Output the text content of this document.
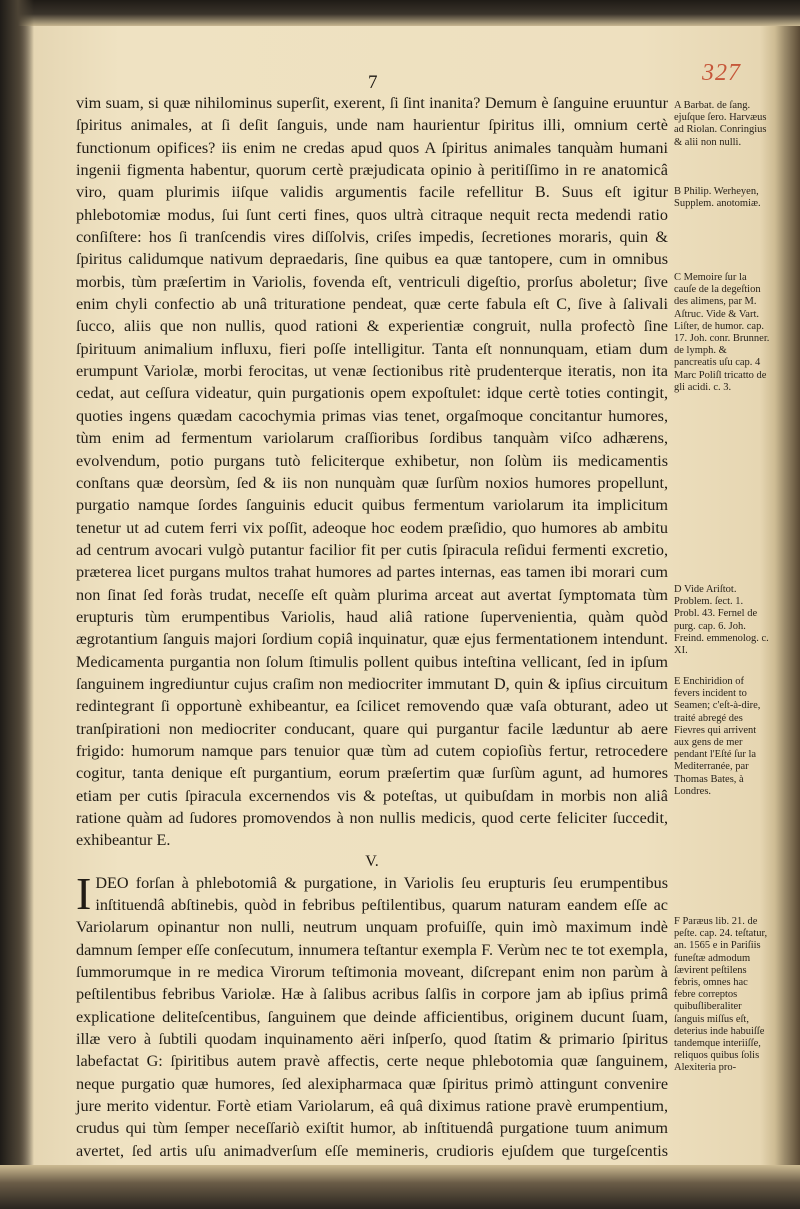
7	327

vim suam, si quæ nihilominus superſit, exerent, ſi ſint inanita? Demum è ſanguine eruuntur ſpiritus animales, at ſi deſit ſanguis, unde nam haurientur ſpiritus illi, omnium certè functionum opifices? iis enim ne credas apud quos A ſpiritus animales tanquàm humani ingenii figmenta habentur, quorum certè præjudicata opinio à peritiſſimo in re anatomicâ viro, quam plurimis iiſque validis argumentis facile refellitur B. Suus eſt igitur phlebotomiæ modus, ſui ſunt certi fines, quos ultrà citraque nequit recta medendi ratio conſiſtere: hos ſi tranſcendis vires diſſolvis, criſes impedis, ſecretiones moraris, quin & ſpiritus calidumque nativum depraedaris, ſine quibus ea quæ tantopere, cum in omnibus morbis, tùm præſertim in Variolis, fovenda eſt, ventriculi digeſtio, prorſus aboletur; ſive enim chyli confectio ab unâ trituratione pendeat, quæ certe fabula eſt C, ſive à ſalivali ſucco, aliis que non nullis, quod rationi & experientiæ congruit, nulla profectò ſine ſpirituum animalium influxu, fieri poſſe intelligitur. Tanta eſt nonnunquam, etiam dum erumpunt Variolæ, morbi ferocitas, ut venæ ſectionibus ritè prudenterque iteratis, non ita cedat, aut ceſſura videatur, quin purgationis opem expoſtulet: idque certè toties contingit, quoties ingens quædam cacochymia primas vias tenet, orgaſmoque concitantur humores, tùm enim ad fermentum variolarum craſſioribus ſordibus tanquàm viſco adhærens, evolvendum, potio purgans tutò feliciterque exhibetur, non ſolùm iis medicamentis conſtans quæ deorsùm, ſed & iis non nunquàm quæ ſurſùm noxios humores propellunt, purgatio namque ſordes ſanguinis educit quibus fermentum variolarum ita implicitum tenetur ut ad cutem ferri vix poſſit, adeoque hoc eodem præſidio, quo humores ab ambitu ad centrum avocari vulgò putantur facilior fit per cutis ſpiracula reſidui fermenti excretio, præterea licet purgans multos trahat humores ad partes internas, eas tamen ibi morari cum non ſinat ſed foràs trudat, neceſſe eſt quàm plurima arceat aut avertat ſymptomata tùm erupturis tùm erumpentibus Variolis, haud aliâ ratione ſupervenientia, quàm quòd ægrotantium ſanguis majori ſordium copiâ inquinatur, quæ ejus fermentationem intendunt. Medicamenta purgantia non ſolum ſtimulis pollent quibus inteſtina vellicant, ſed in ipſum ſanguinem ingrediuntur cujus craſim non mediocriter immutant D, quin & ipſius circuitum redintegrant ſi opportunè exhibeantur, ea ſcilicet removendo quæ vaſa obturant, adeo ut tranſpirationi non mediocriter conducant, quare qui purgantur facile læduntur ab aere frigido: humorum namque pars tenuior quæ tùm ad cutem copioſiùs fertur, retrocedere cogitur, tanta denique eſt purgantium, eorum præſertim quæ ſurſùm agunt, ad humores etiam per cutis ſpiracula excernendos vis & poteſtas, ut quibuſdam in morbis non aliâ ratione quàm ad ſudores promovendos à non nullis medicis, quod certe feliciter ſuccedit, exhibeantur E.

V.

IDEO forſan à phlebotomiâ & purgatione, in Variolis ſeu erupturis ſeu erumpentibus inſtituendâ abſtinebis, quòd in febribus peſtilentibus, quarum naturam eandem eſſe ac Variolarum opinantur non nulli, neutrum unquam profuiſſe, quin imò maximum indè damnum ſemper eſſe conſecutum, innumera teſtantur exempla F. Verùm nec te tot exempla, ſummorumque in re medica Virorum teſtimonia moveant, diſcrepant enim non parùm à peſtilentibus febribus Variolæ. Hæ à ſalibus acribus ſalſis in corpore jam ab ipſius primâ explicatione delitеſcentibus, ſanguinem que deinde afficientibus, originem ducunt ſuam, illæ vero à ſubtili quodam inquinamento aëri inſperſo, quod ſtatim & primario ſpiritus labefactat G: ſpiritibus autem pravè affectis, certe neque phlebotomia quæ ſanguinem, neque purgatio quæ humores, ſed alexipharmaca quæ ſpiritus primò attingunt convenire jure merito videntur. Fortè etiam Variolarum, eâ quâ diximus ratione pravè erumpentium, crudus qui tùm ſemper neceſſariò exiſtit humor, ab inſtituendâ purgatione tuum animum avertet, ſed artis uſu animadverſum eſſe memineris, crudioris ejuſdem que turgeſcentis

A Barbat. de ſang. ejuſque ſero. Harvæus ad Riolan. Conringius & alii non nulli.
B Philip. Werheyen, Supplem. anotomiæ.
C Memoire ſur la cauſe de la degeſtion des alimens, par M. Aſtruc. Vide & Vart. Liſter, de humor. cap. 17. Joh. conr. Brunner. de lymph. & pancreatis uſu cap. 4 Marc Poliſl tricatto de gli acidi. c. 3.
D Vide Ariſtot. Problem. ſect. 1. Probl. 43. Fernel de purg. cap. 6. Joh. Freind. emmenolog. c. XI.
E Enchiridion of fevers incident to Seamen; c'eſt-à-dire, traité abregé des Fievres qui arrivent aux gens de mer pendant l'Eſté ſur la Mediterranée, par Thomas Bates, à Londres.
F Paræus lib. 21. de peſte. cap. 24. teſtatur, an. 1565 e in Pariſiis funeſtæ admodum ſævirent peſtilens febris, omnes hac febre correptos quibuſliberaliter ſanguis miſſus eſt, deterius inde habuiſſe tandemque interiiſſe, reliquos quibus ſolis Alexiteria pro-
